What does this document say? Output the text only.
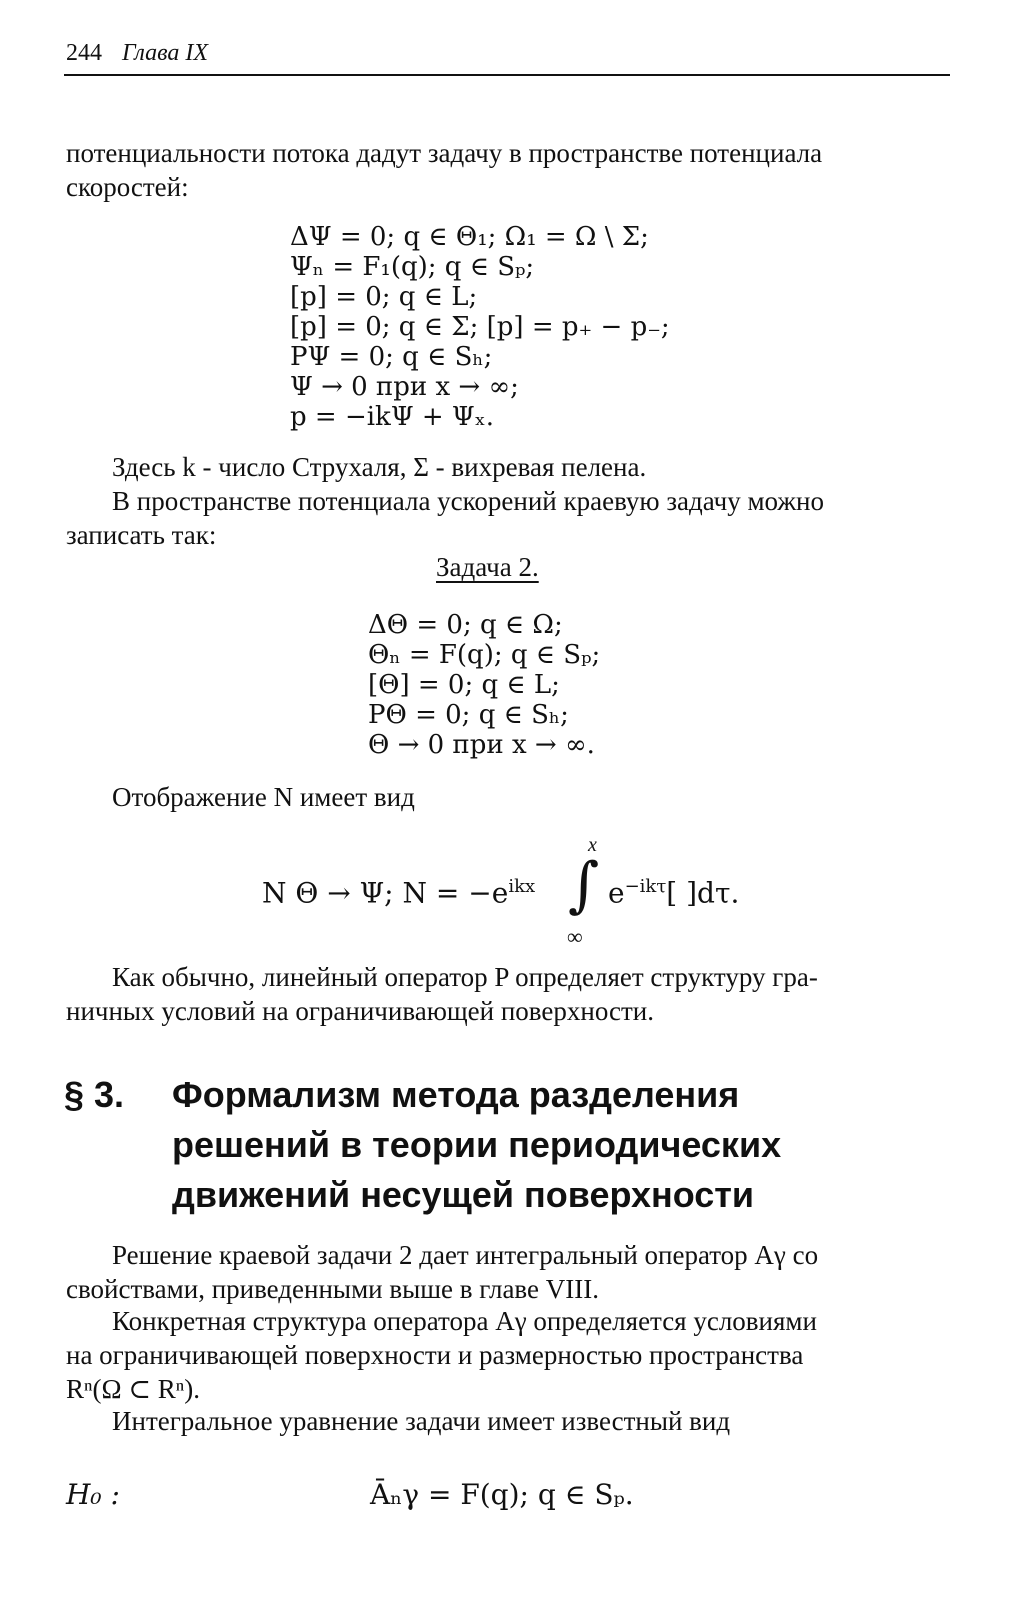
244 Глава IX
потенциальности потока дадут задачу в пространстве потенциала
скоростей:
ΔΨ = 0; q ∈ Θ₁; Ω₁ = Ω \ Σ;
Ψₙ = F₁(q); q ∈ Sₚ;
[p] = 0; q ∈ L;
[p] = 0; q ∈ Σ; [p] = p₊ − p₋;
PΨ = 0; q ∈ Sₕ;
Ψ → 0 при x → ∞;
p = −ikΨ + Ψₓ.
Здесь k - число Струхаля, Σ - вихревая пелена.
В пространстве потенциала ускорений краевую задачу можно
записать так:
Задача 2.
ΔΘ = 0; q ∈ Ω;
Θₙ = F(q); q ∈ Sₚ;
[Θ] = 0; q ∈ L;
PΘ = 0; q ∈ Sₕ;
Θ → 0 при x → ∞.
Отображение N имеет вид
N Θ → Ψ; $N = -e^{ikx}$
x
∫
∞
$e^{-ik\tau}$[ ]dτ.
Как обычно, линейный оператор P определяет структуру гра-
ничных условий на ограничивающей поверхности.
§ 3. Формализм метода разделения
решений в теории периодических
движений несущей поверхности
Решение краевой задачи 2 дает интегральный оператор Aγ со
свойствами, приведенными выше в главе VIII.
Конкретная структура оператора Aγ определяется условиями
на ограничивающей поверхности и размерностью пространства
Rⁿ(Ω ⊂ Rⁿ).
Интегральное уравнение задачи имеет известный вид
H₀ :	Āₙγ = F(q); q ∈ Sₚ.
